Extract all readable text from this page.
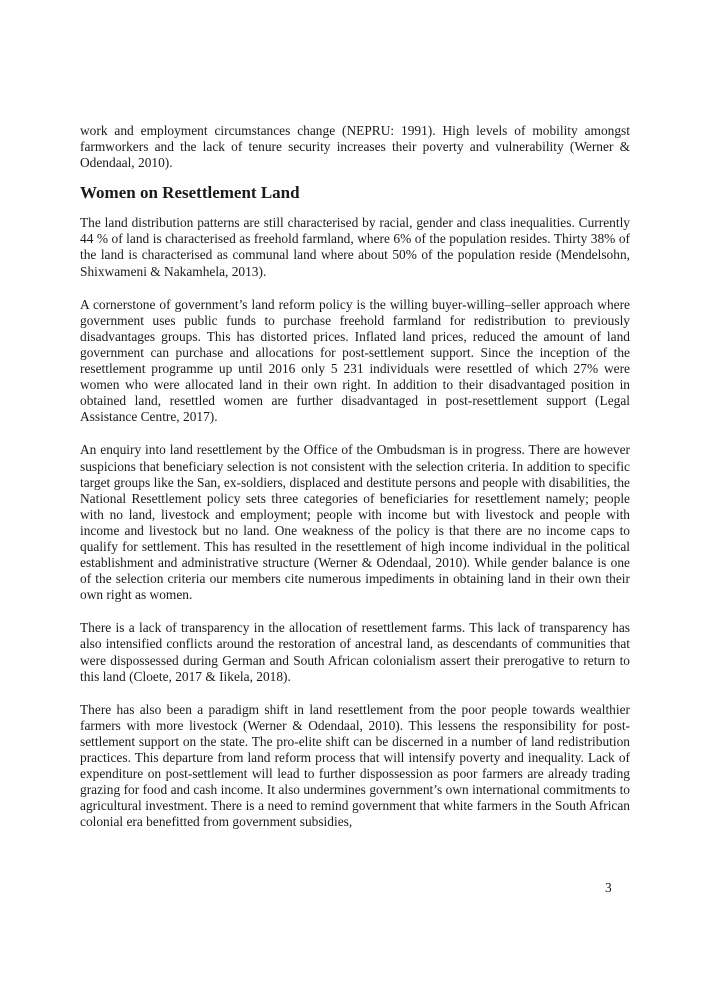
work and employment circumstances change (NEPRU: 1991). High levels of mobility amongst farmworkers and the lack of tenure security increases their poverty and vulnerability (Werner & Odendaal, 2010).

Women on Resettlement Land

The land distribution patterns are still characterised by racial, gender and class inequalities. Currently 44 % of land is characterised as freehold farmland, where 6% of the population resides. Thirty 38% of the land is characterised as communal land where about 50% of the population reside (Mendelsohn, Shixwameni & Nakamhela, 2013).

A cornerstone of government’s land reform policy is the willing buyer-willing–seller approach where government uses public funds to purchase freehold farmland for redistribution to previously disadvantages groups. This has distorted prices. Inflated land prices, reduced the amount of land government can purchase and allocations for post-settlement support. Since the inception of the resettlement programme up until 2016 only 5 231 individuals were resettled of which 27% were women who were allocated land in their own right. In addition to their disadvantaged position in obtained land, resettled women are further disadvantaged in post-resettlement support (Legal Assistance Centre, 2017).

An enquiry into land resettlement by the Office of the Ombudsman is in progress. There are however suspicions that beneficiary selection is not consistent with the selection criteria. In addition to specific target groups like the San, ex-soldiers, displaced and destitute persons and people with disabilities, the National Resettlement policy sets three categories of beneficiaries for resettlement namely; people with no land, livestock and employment; people with income but with livestock and people with income and livestock but no land. One weakness of the policy is that there are no income caps to qualify for settlement. This has resulted in the resettlement of high income individual in the political establishment and administrative structure (Werner & Odendaal, 2010). While gender balance is one of the selection criteria our members cite numerous impediments in obtaining land in their own their own right as women.

There is a lack of transparency in the allocation of resettlement farms. This lack of transparency has also intensified conflicts around the restoration of ancestral land, as descendants of communities that were dispossessed during German and South African colonialism assert their prerogative to return to this land (Cloete, 2017 & Iikela, 2018).

There has also been a paradigm shift in land resettlement from the poor people towards wealthier farmers with more livestock (Werner & Odendaal, 2010). This lessens the responsibility for post-settlement support on the state. The pro-elite shift can be discerned in a number of land redistribution practices. This departure from land reform process that will intensify poverty and inequality. Lack of expenditure on post-settlement will lead to further dispossession as poor farmers are already trading grazing for food and cash income. It also undermines government’s own international commitments to agricultural investment. There is a need to remind government that white farmers in the South African colonial era benefitted from government subsidies,

3
